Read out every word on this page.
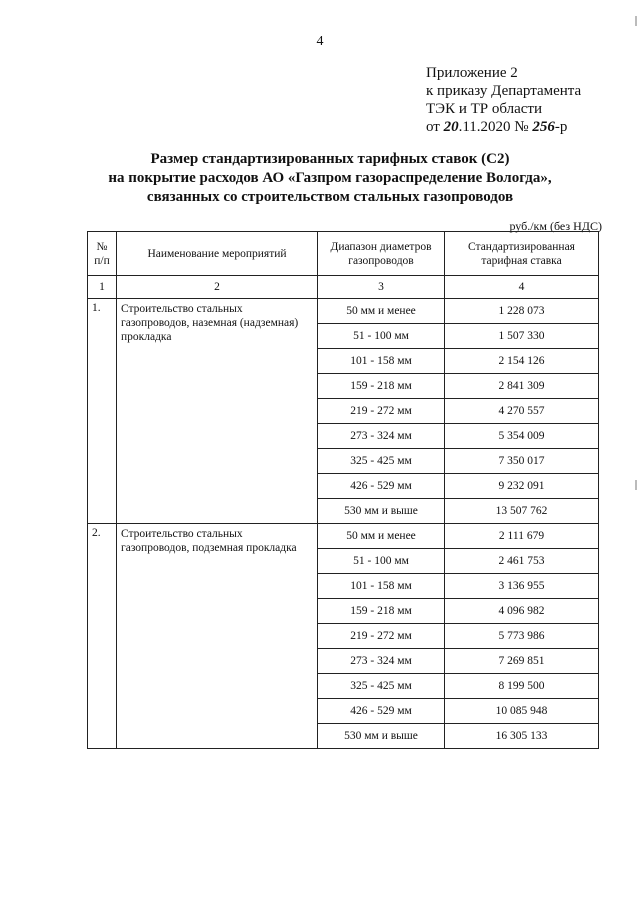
4
Приложение 2
к приказу Департамента
ТЭК и ТР области
от 20.11.2020 № 256-р
Размер стандартизированных тарифных ставок (С2)
на покрытие расходов АО «Газпром газораспределение Вологда»,
связанных со строительством стальных газопроводов
руб./км (без НДС)
№ п/п	Наименование мероприятий	Диапазон диаметров газопроводов	Стандартизированная тарифная ставка
1	2	3	4
1.	Строительство стальных газопроводов, наземная (надземная) прокладка	50 мм и менее	1 228 073
		51 - 100 мм	1 507 330
		101 - 158 мм	2 154 126
		159 - 218 мм	2 841 309
		219 - 272 мм	4 270 557
		273 - 324 мм	5 354 009
		325 - 425 мм	7 350 017
		426 - 529 мм	9 232 091
		530 мм и выше	13 507 762
2.	Строительство стальных газопроводов, подземная прокладка	50 мм и менее	2 111 679
		51 - 100 мм	2 461 753
		101 - 158 мм	3 136 955
		159 - 218 мм	4 096 982
		219 - 272 мм	5 773 986
		273 - 324 мм	7 269 851
		325 - 425 мм	8 199 500
		426 - 529 мм	10 085 948
		530 мм и выше	16 305 133
